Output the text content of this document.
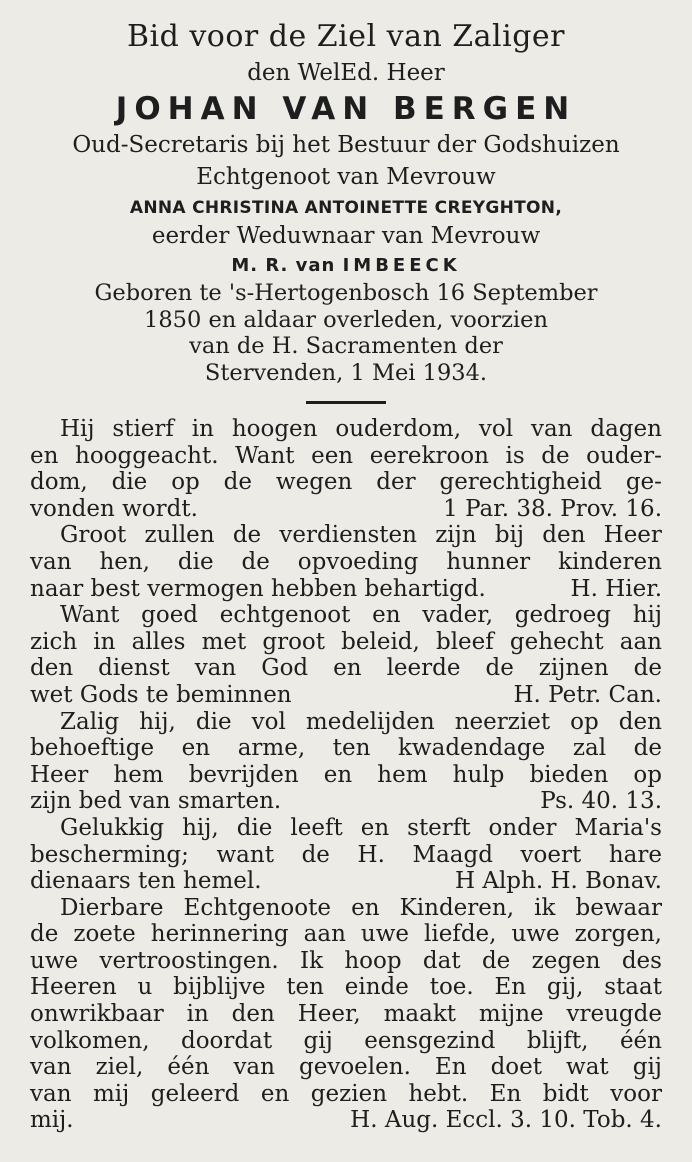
Bid voor de Ziel van Zaliger
den WelEd. Heer
JOHAN VAN BERGEN
Oud-Secretaris bij het Bestuur der Godshuizen
Echtgenoot van Mevrouw
ANNA CHRISTINA ANTOINETTE CREYGHTON,
eerder Weduwnaar van Mevrouw
M. R. van IMBEECK
Geboren te 's-Hertogenbosch 16 September
1850 en aldaar overleden, voorzien
van de H. Sacramenten der
Stervenden, 1 Mei 1934.
Hij stierf in hoogen ouderdom, vol van dagen
en hooggeacht. Want een eerekroon is de ouder-
dom, die op de wegen der gerechtigheid ge-
vonden wordt.	1 Par. 38. Prov. 16.
Groot zullen de verdiensten zijn bij den Heer
van hen, die de opvoeding hunner kinderen
naar best vermogen hebben behartigd.	H. Hier.
Want goed echtgenoot en vader, gedroeg hij
zich in alles met groot beleid, bleef gehecht aan
den dienst van God en leerde de zijnen de
wet Gods te beminnen	H. Petr. Can.
Zalig hij, die vol medelijden neerziet op den
behoeftige en arme, ten kwadendage zal de
Heer hem bevrijden en hem hulp bieden op
zijn bed van smarten.	Ps. 40. 13.
Gelukkig hij, die leeft en sterft onder Maria's
bescherming; want de H. Maagd voert hare
dienaars ten hemel.	H Alph. H. Bonav.
Dierbare Echtgenoote en Kinderen, ik bewaar
de zoete herinnering aan uwe liefde, uwe zorgen,
uwe vertroostingen. Ik hoop dat de zegen des
Heeren u bijblijve ten einde toe. En gij, staat
onwrikbaar in den Heer, maakt mijne vreugde
volkomen, doordat gij eensgezind blijft, één
van ziel, één van gevoelen. En doet wat gij
van mij geleerd en gezien hebt. En bidt voor
mij.	H. Aug. Eccl. 3. 10. Tob. 4.
